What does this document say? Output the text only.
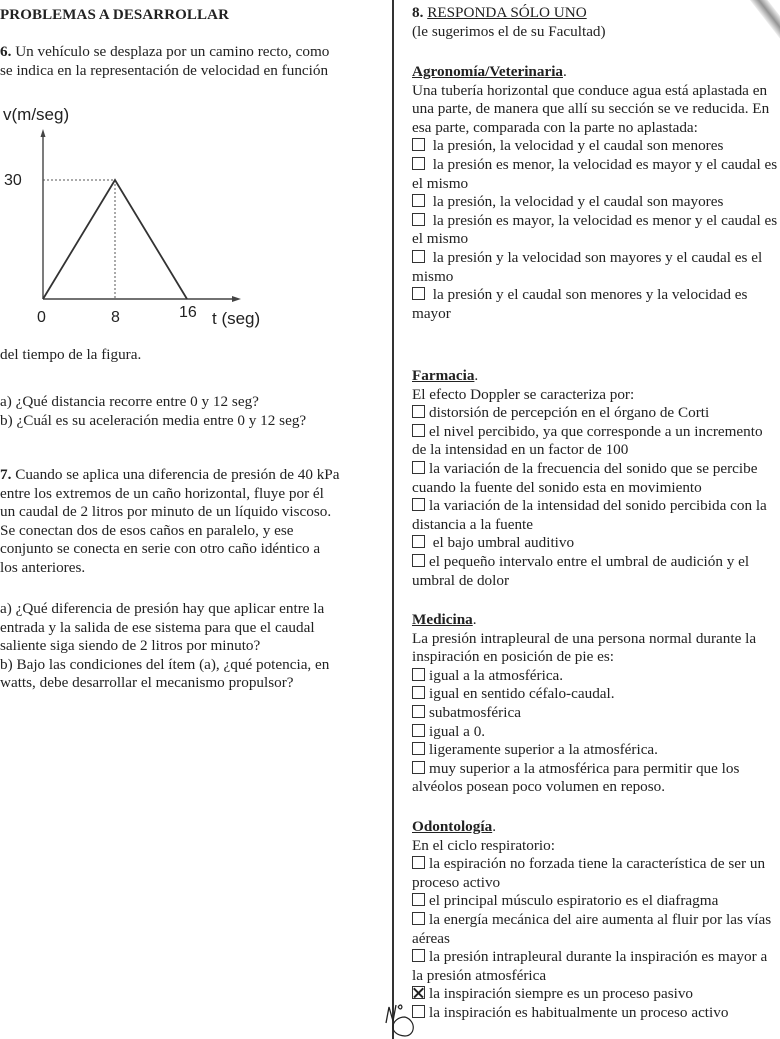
PROBLEMAS A DESARROLLAR

6. Un vehículo se desplaza por un camino recto, como

se indica en la representación de velocidad en función

v(m/seg)
30
0	8	16 t (seg)
del tiempo de la figura.

a) ¿Qué distancia recorre entre 0 y 12 seg?

b) ¿Cuál es su aceleración media entre 0 y 12 seg?

7. Cuando se aplica una diferencia de presión de 40 kPa

entre los extremos de un caño horizontal, fluye por él

un caudal de 2 litros por minuto de un líquido viscoso.

Se conectan dos de esos caños en paralelo, y ese

conjunto se conecta en serie con otro caño idéntico a

los anteriores.

a) ¿Qué diferencia de presión hay que aplicar entre la

entrada y la salida de ese sistema para que el caudal

saliente siga siendo de 2 litros por minuto?

b) Bajo las condiciones del ítem (a), ¿qué potencia, en

watts, debe desarrollar el mecanismo propulsor?

8. RESPONDA SÓLO UNO

(le sugerimos el de su Facultad)

Agronomía/Veterinaria.

Una tubería horizontal que conduce agua está aplastada en una parte, de manera que allí su sección se ve reducida. En esa parte, comparada con la parte no aplastada:

la presión, la velocidad y el caudal son menores
la presión es menor, la velocidad es mayor y el caudal es el mismo
la presión, la velocidad y el caudal son mayores
la presión es mayor, la velocidad es menor y el caudal es el mismo
la presión y la velocidad son mayores y el caudal es el mismo
la presión y el caudal son menores y la velocidad es mayor

Farmacia.

El efecto Doppler se caracteriza por:

distorsión de percepción en el órgano de Corti
el nivel percibido, ya que corresponde a un incremento de la intensidad en un factor de 100
la variación de la frecuencia del sonido que se percibe cuando la fuente del sonido esta en movimiento
la variación de la intensidad del sonido percibida con la distancia a la fuente
el bajo umbral auditivo
el pequeño intervalo entre el umbral de audición y el umbral de dolor

Medicina.

La presión intrapleural de una persona normal durante la inspiración en posición de pie es:

igual a la atmosférica.
igual en sentido céfalo-caudal.
subatmosférica
igual a 0.
ligeramente superior a la atmosférica.
muy superior a la atmosférica para permitir que los alvéolos posean poco volumen en reposo.

Odontología.

En el ciclo respiratorio:

la espiración no forzada tiene la característica de ser un proceso activo
el principal músculo espiratorio es el diafragma
la energía mecánica del aire aumenta al fluir por las vías aéreas
la presión intrapleural durante la inspiración es mayor a la presión atmosférica
la inspiración siempre es un proceso pasivo
la inspiración es habitualmente un proceso activo
